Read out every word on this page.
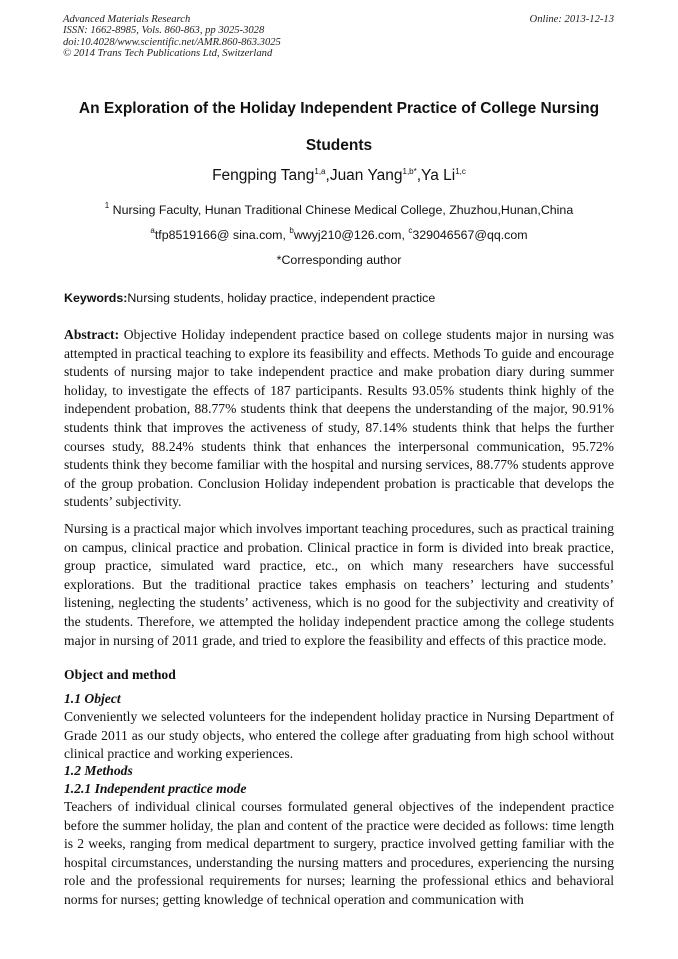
Advanced Materials Research
ISSN: 1662-8985, Vols. 860-863, pp 3025-3028
doi:10.4028/www.scientific.net/AMR.860-863.3025
© 2014 Trans Tech Publications Ltd, Switzerland
Online: 2013-12-13
An Exploration of the Holiday Independent Practice of College Nursing
Students
Fengping Tang$^{1,a}$,Juan Yang$^{1,b*}$,Ya Li$^{1,c}$
$^1$ Nursing Faculty, Hunan Traditional Chinese Medical College, Zhuzhou,Hunan,China
$^a$tfp8519166@ sina.com, $^b$wwyj210@126.com, $^c$329046567@qq.com
*Corresponding author
Keywords:Nursing students, holiday practice, independent practice
Abstract: Objective Holiday independent practice based on college students major in nursing was attempted in practical teaching to explore its feasibility and effects. Methods To guide and encourage students of nursing major to take independent practice and make probation diary during summer holiday, to investigate the effects of 187 participants. Results 93.05% students think highly of the independent probation, 88.77% students think that deepens the understanding of the major, 90.91% students think that improves the activeness of study, 87.14% students think that helps the further courses study, 88.24% students think that enhances the interpersonal communication, 95.72% students think they become familiar with the hospital and nursing services, 88.77% students approve of the group probation. Conclusion Holiday independent probation is practicable that develops the students’ subjectivity.
Nursing is a practical major which involves important teaching procedures, such as practical training on campus, clinical practice and probation. Clinical practice in form is divided into break practice, group practice, simulated ward practice, etc., on which many researchers have successful explorations. But the traditional practice takes emphasis on teachers’ lecturing and students’ listening, neglecting the students’ activeness, which is no good for the subjectivity and creativity of the students. Therefore, we attempted the holiday independent practice among the college students major in nursing of 2011 grade, and tried to explore the feasibility and effects of this practice mode.
Object and method
1.1 Object
Conveniently we selected volunteers for the independent holiday practice in Nursing Department of Grade 2011 as our study objects, who entered the college after graduating from high school without clinical practice and working experiences.
1.2 Methods
1.2.1 Independent practice mode
Teachers of individual clinical courses formulated general objectives of the independent practice before the summer holiday, the plan and content of the practice were decided as follows: time length is 2 weeks, ranging from medical department to surgery, practice involved getting familiar with the hospital circumstances, understanding the nursing matters and procedures, experiencing the nursing role and the professional requirements for nurses; learning the professional ethics and behavioral norms for nurses; getting knowledge of technical operation and communication with
